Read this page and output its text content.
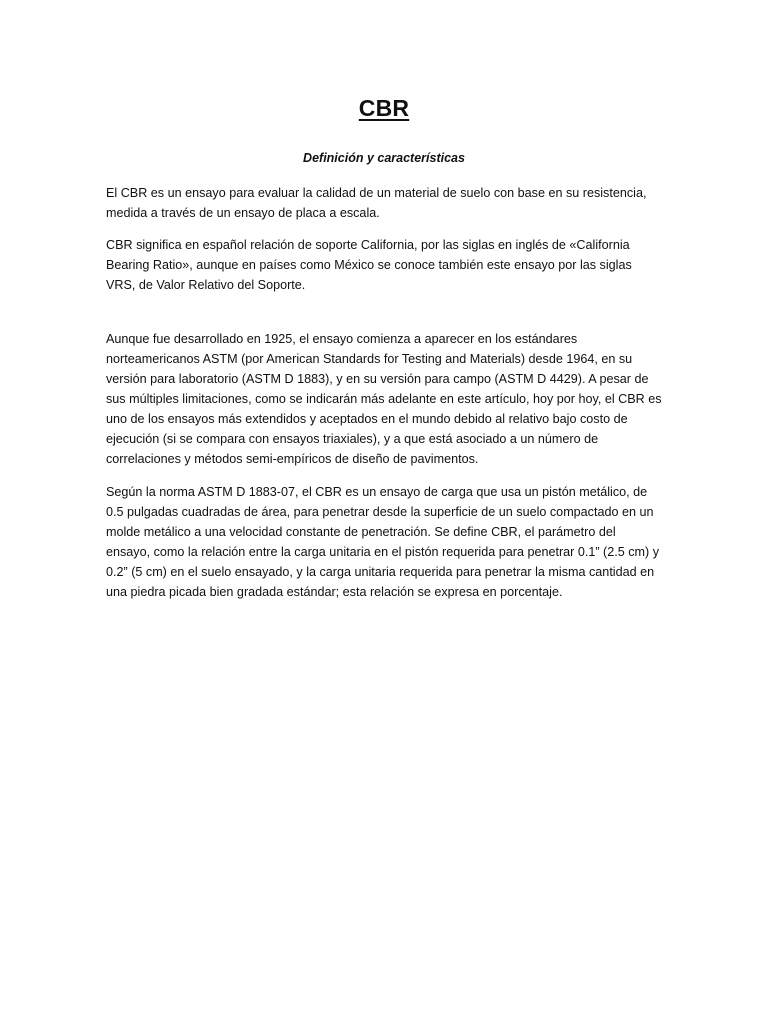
CBR
Definición y características

El CBR es un ensayo para evaluar la calidad de un material de suelo con base en su resistencia, medida a través de un ensayo de placa a escala.

CBR significa en español relación de soporte California, por las siglas en inglés de «California Bearing Ratio», aunque en países como México se conoce también este ensayo por las siglas VRS, de Valor Relativo del Soporte.

Aunque fue desarrollado en 1925, el ensayo comienza a aparecer en los estándares norteamericanos ASTM (por American Standards for Testing and Materials) desde 1964, en su versión para laboratorio (ASTM D 1883), y en su versión para campo (ASTM D 4429). A pesar de sus múltiples limitaciones, como se indicarán más adelante en este artículo, hoy por hoy, el CBR es uno de los ensayos más extendidos y aceptados en el mundo debido al relativo bajo costo de ejecución (si se compara con ensayos triaxiales), y a que está asociado a un número de correlaciones y métodos semi-empíricos de diseño de pavimentos.

Según la norma ASTM D 1883-07, el CBR es un ensayo de carga que usa un pistón metálico, de 0.5 pulgadas cuadradas de área, para penetrar desde la superficie de un suelo compactado en un molde metálico a una velocidad constante de penetración. Se define CBR, el parámetro del ensayo, como la relación entre la carga unitaria en el pistón requerida para penetrar 0.1” (2.5 cm) y 0.2” (5 cm) en el suelo ensayado, y la carga unitaria requerida para penetrar la misma cantidad en una piedra picada bien gradada estándar; esta relación se expresa en porcentaje.
